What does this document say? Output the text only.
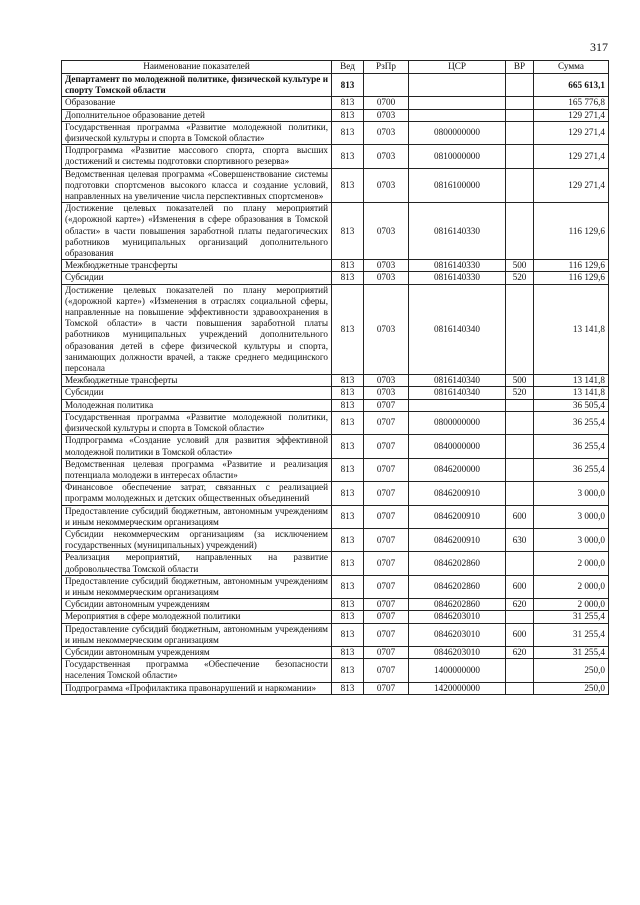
317
Наименование показателей	Вед	РзПр	ЦСР	ВР	Сумма
Департамент по молодежной политике, физической культуре и спорту Томской области	813				665 613,1
Образование	813	0700			165 776,8
Дополнительное образование детей	813	0703			129 271,4
Государственная программа «Развитие молодежной политики, физической культуры и спорта в Томской области»	813	0703	0800000000		129 271,4
Подпрограмма «Развитие массового спорта, спорта высших достижений и системы подготовки спортивного резерва»	813	0703	0810000000		129 271,4
Ведомственная целевая программа «Совершенствование системы подготовки спортсменов высокого класса и создание условий, направленных на увеличение числа перспективных спортсменов»	813	0703	0816100000		129 271,4
Достижение целевых показателей по плану мероприятий («дорожной карте») «Изменения в сфере образования в Томской области» в части повышения заработной платы педагогических работников муниципальных организаций дополнительного образования	813	0703	0816140330		116 129,6
Межбюджетные трансферты	813	0703	0816140330	500	116 129,6
Субсидии	813	0703	0816140330	520	116 129,6
Достижение целевых показателей по плану мероприятий («дорожной карте») «Изменения в отраслях социальной сферы, направленные на повышение эффективности здравоохранения в Томской области» в части повышения заработной платы работников муниципальных учреждений дополнительного образования детей в сфере физической культуры и спорта, занимающих должности врачей, а также среднего медицинского персонала	813	0703	0816140340		13 141,8
Межбюджетные трансферты	813	0703	0816140340	500	13 141,8
Субсидии	813	0703	0816140340	520	13 141,8
Молодежная политика	813	0707			36 505,4
Государственная программа «Развитие молодежной политики, физической культуры и спорта в Томской области»	813	0707	0800000000		36 255,4
Подпрограмма «Создание условий для развития эффективной молодежной политики в Томской области»	813	0707	0840000000		36 255,4
Ведомственная целевая программа «Развитие и реализация потенциала молодежи в интересах области»	813	0707	0846200000		36 255,4
Финансовое обеспечение затрат, связанных с реализацией программ молодежных и детских общественных объединений	813	0707	0846200910		3 000,0
Предоставление субсидий бюджетным, автономным учреждениям и иным некоммерческим организациям	813	0707	0846200910	600	3 000,0
Субсидии некоммерческим организациям (за исключением государственных (муниципальных) учреждений)	813	0707	0846200910	630	3 000,0
Реализация мероприятий, направленных на развитие добровольчества Томской области	813	0707	0846202860		2 000,0
Предоставление субсидий бюджетным, автономным учреждениям и иным некоммерческим организациям	813	0707	0846202860	600	2 000,0
Субсидии автономным учреждениям	813	0707	0846202860	620	2 000,0
Мероприятия в сфере молодежной политики	813	0707	0846203010		31 255,4
Предоставление субсидий бюджетным, автономным учреждениям и иным некоммерческим организациям	813	0707	0846203010	600	31 255,4
Субсидии автономным учреждениям	813	0707	0846203010	620	31 255,4
Государственная программа «Обеспечение безопасности населения Томской области»	813	0707	1400000000		250,0
Подпрограмма «Профилактика правонарушений и наркомании»	813	0707	1420000000		250,0
